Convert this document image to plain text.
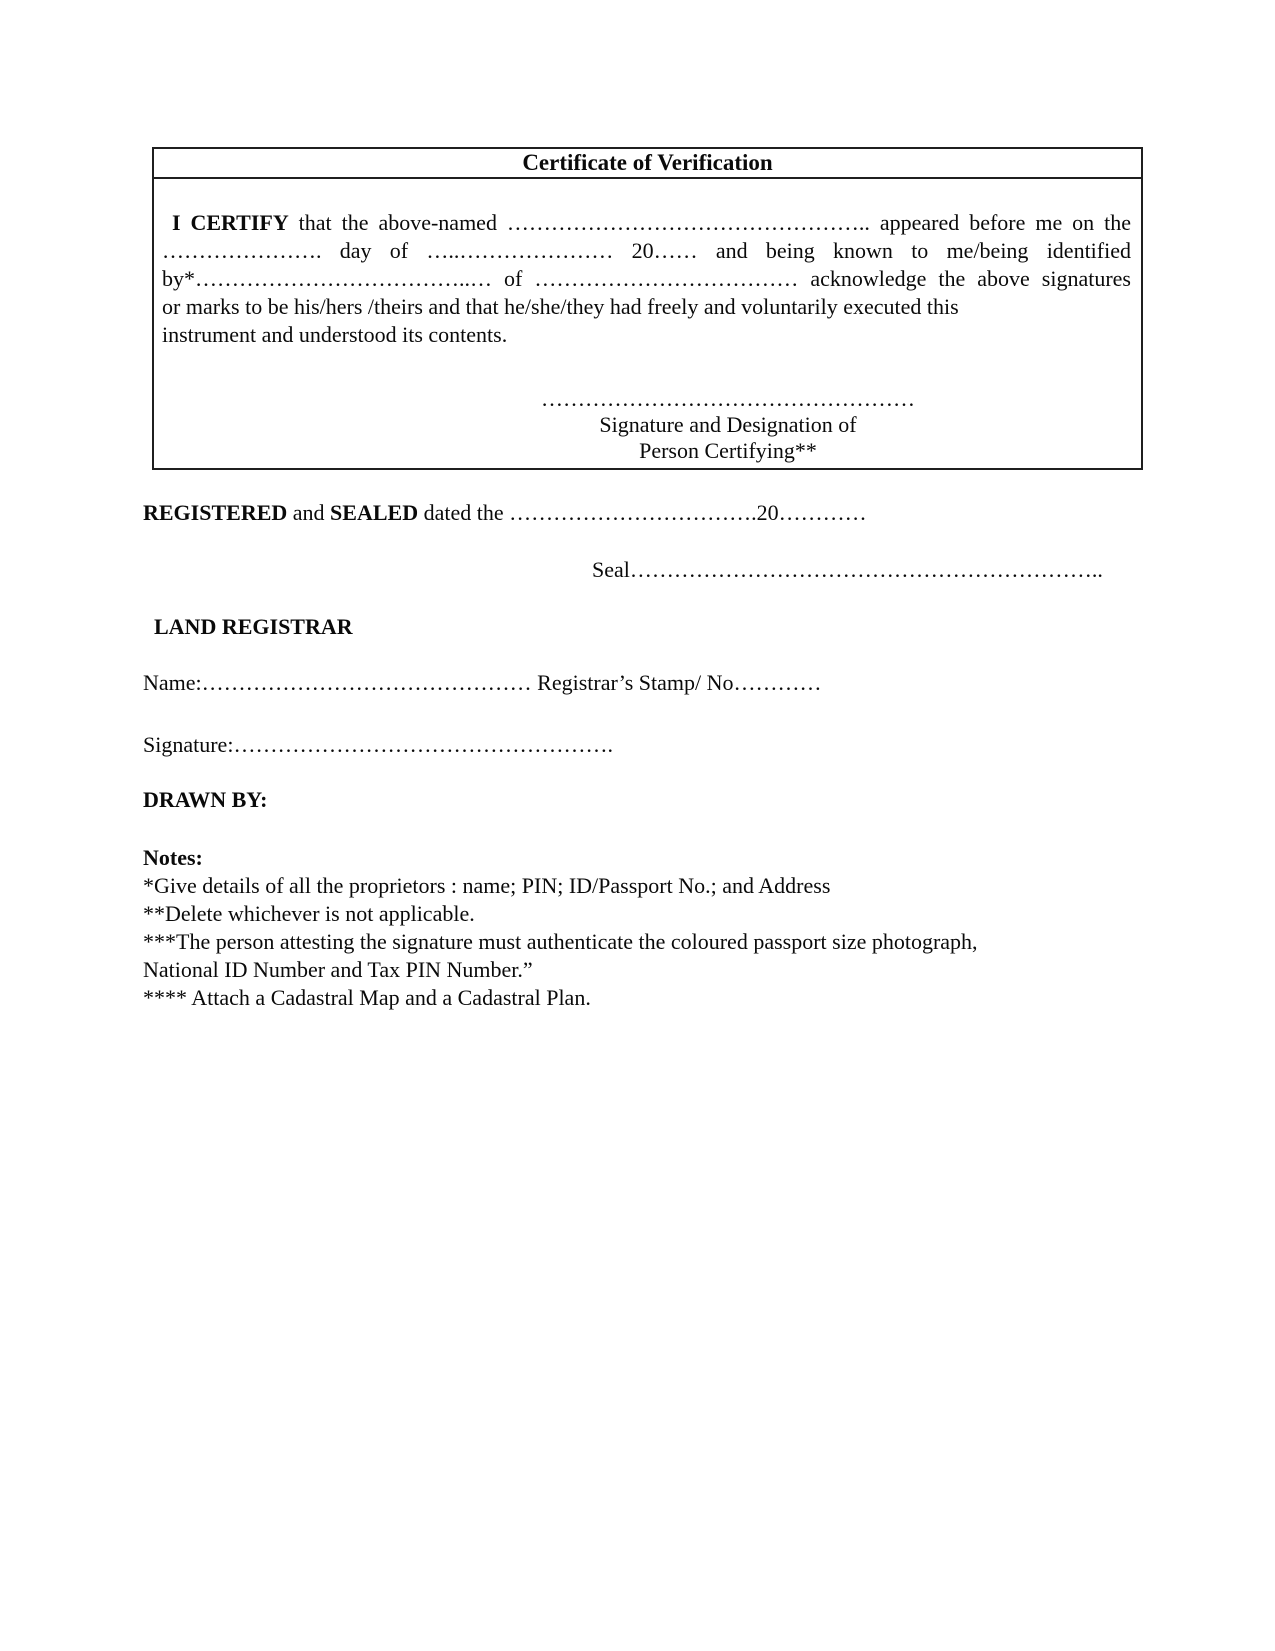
Certificate of Verification
I CERTIFY that the above-named ………………………………………….. appeared before me on the
…………………. day of …..………………… 20…… and being known to me/being identified
by*………………………………..… of ……………………………… acknowledge the above signatures
or marks to be his/hers /theirs and that he/she/they had freely and voluntarily executed this
instrument and understood its contents.
……………………………………………
Signature and Designation of
Person Certifying**
REGISTERED and SEALED dated the …………………………….20…………
Seal………………………………………………………..
LAND REGISTRAR
Name:……………………………………… Registrar’s Stamp/ No…………
Signature:…………………………………………….
DRAWN BY:
Notes:
*Give details of all the proprietors : name; PIN; ID/Passport No.; and Address
**Delete whichever is not applicable.
***The person attesting the signature must authenticate the coloured passport size photograph,
National ID Number and Tax PIN Number.”
**** Attach a Cadastral Map and a Cadastral Plan.
